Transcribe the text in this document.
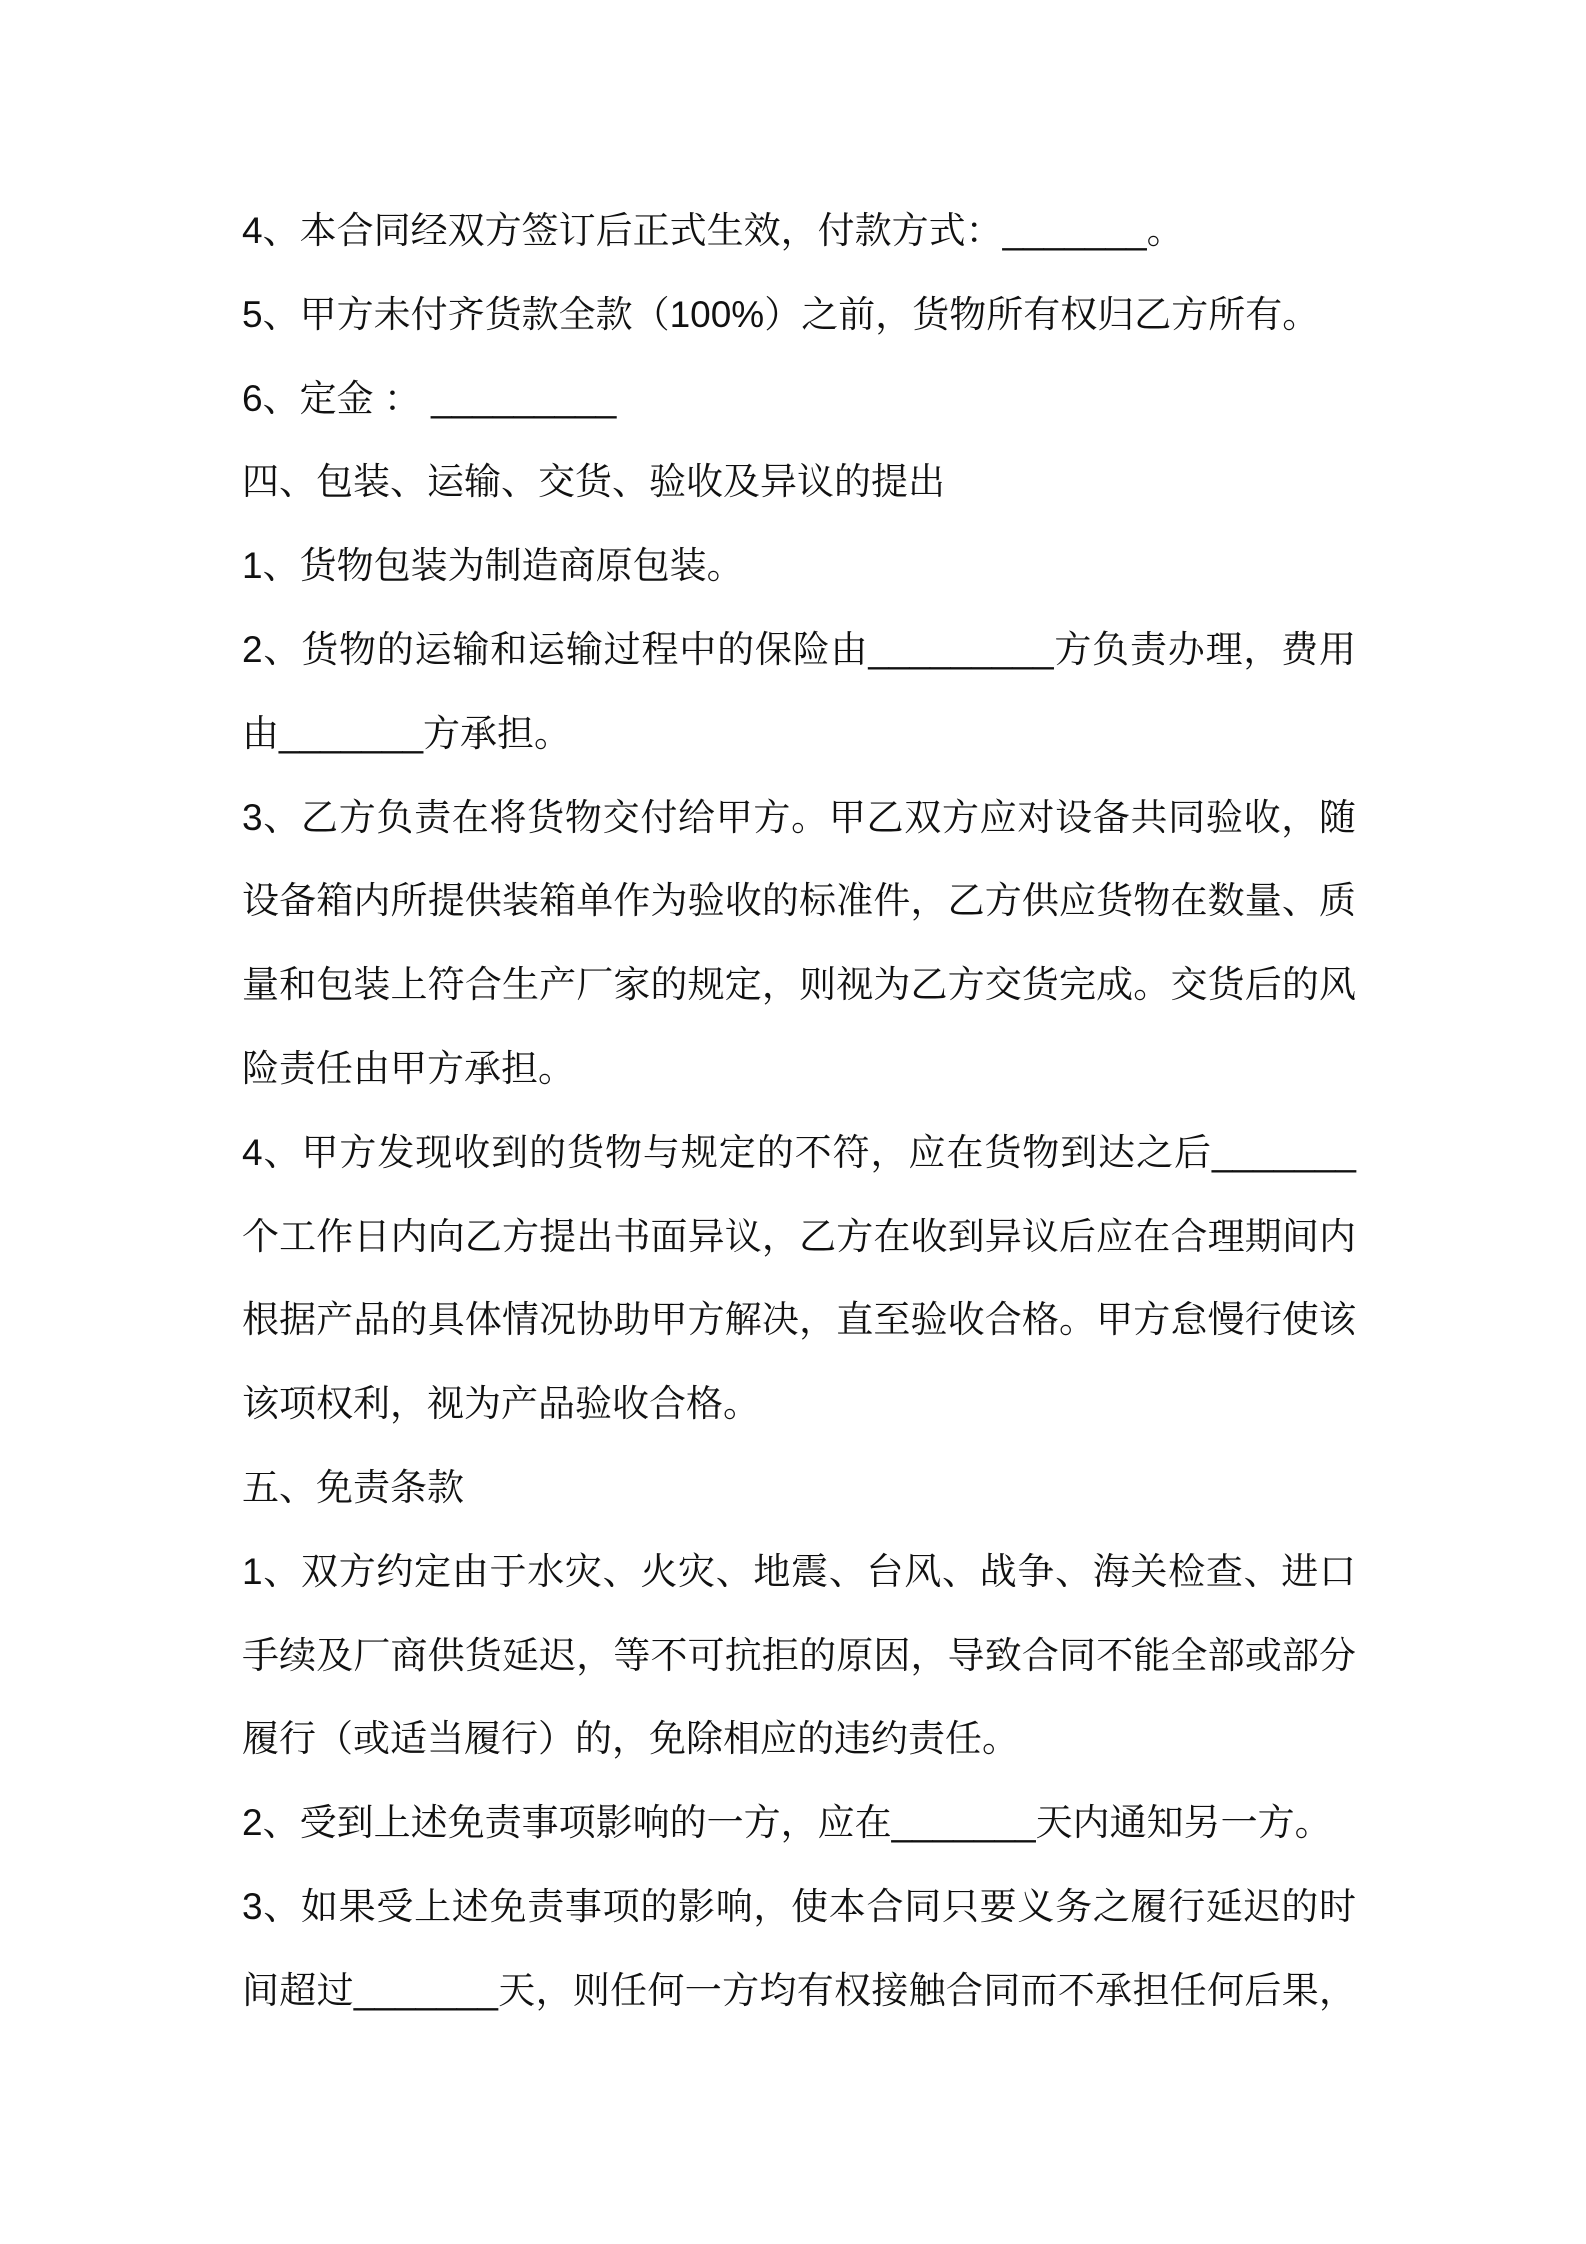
4、本合同经双方签订后正式生效，付款方式：_______。
5、甲方未付齐货款全款（100%）之前，货物所有权归乙方所有。
6、定金 ： _________
四、包装、运输、交货、验收及异议的提出
1、货物包装为制造商原包装。
2、货物的运输和运输过程中的保险由_________方负责办理，费用
由_______方承担。
3、乙方负责在将货物交付给甲方。甲乙双方应对设备共同验收，随
设备箱内所提供装箱单作为验收的标准件，乙方供应货物在数量、质
量和包装上符合生产厂家的规定，则视为乙方交货完成。交货后的风
险责任由甲方承担。
4、甲方发现收到的货物与规定的不符，应在货物到达之后_______
个工作日内向乙方提出书面异议，乙方在收到异议后应在合理期间内
根据产品的具体情况协助甲方解决，直至验收合格。甲方怠慢行使该
该项权利，视为产品验收合格。
五、免责条款
1、双方约定由于水灾、火灾、地震、台风、战争、海关检查、进口
手续及厂商供货延迟，等不可抗拒的原因，导致合同不能全部或部分
履行（或适当履行）的，免除相应的违约责任。
2、受到上述免责事项影响的一方，应在_______天内通知另一方。
3、如果受上述免责事项的影响，使本合同只要义务之履行延迟的时
间超过_______天，则任何一方均有权接触合同而不承担任何后果，
